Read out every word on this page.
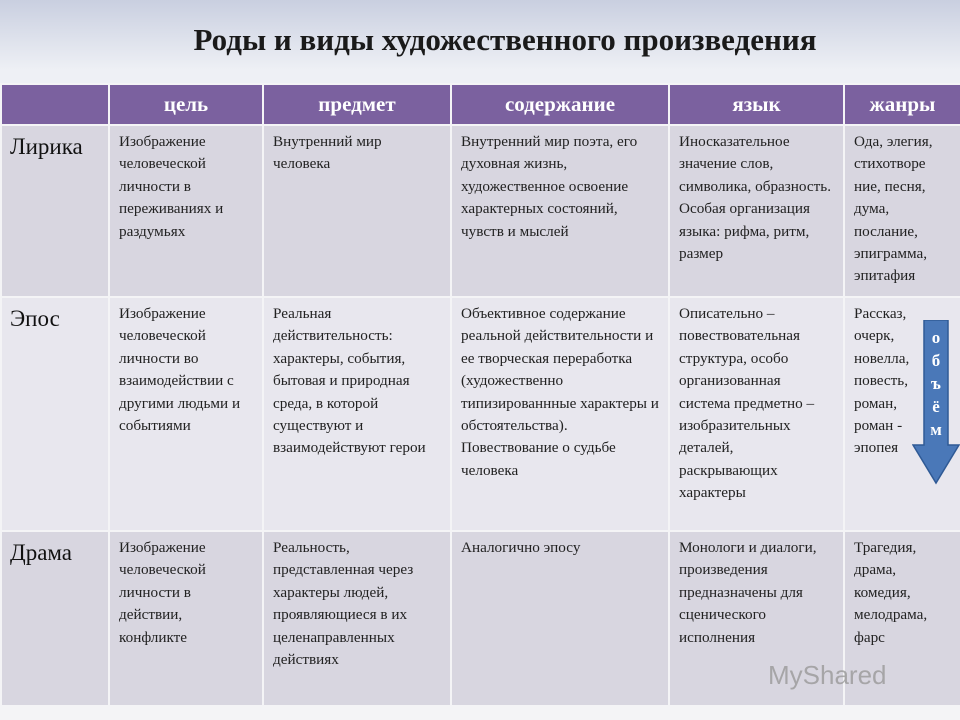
Роды и виды художественного произведения
	цель	предмет	содержание	язык	жанры
Лирика	Изображение человеческой личности в переживаниях и раздумьях	Внутренний мир человека	Внутренний мир поэта, его духовная жизнь, художественное освоение характерных состояний, чувств и мыслей	Иносказательное значение слов, символика, образность. Особая организация языка: рифма, ритм, размер	Ода, элегия, стихотворе ние, песня, дума, послание, эпиграмма, эпитафия
Эпос	Изображение человеческой личности во взаимодействии с другими людьми и событиями	Реальная действительность: характеры, события, бытовая и природная среда, в которой существуют и взаимодействуют герои	Объективное содержание реальной действительности и ее творческая переработка (художественно типизированнные характеры и обстоятельства). Повествование о судьбе человека	Описательно – повествовательная структура, особо организованная система предметно – изобразительных деталей, раскрывающих характеры	Рассказ, очерк, новелла, повесть, роман, роман - эпопея
Драма	Изображение человеческой личности в действии, конфликте	Реальность, представленная через характеры людей, проявляющиеся в их целенаправленных действиях	Аналогично эпосу	Монологи и диалоги, произведения предназначены для сценического исполнения	Трагедия, драма, комедия, мелодрама, фарс
о
б
ъ
ё
м
MyShared
